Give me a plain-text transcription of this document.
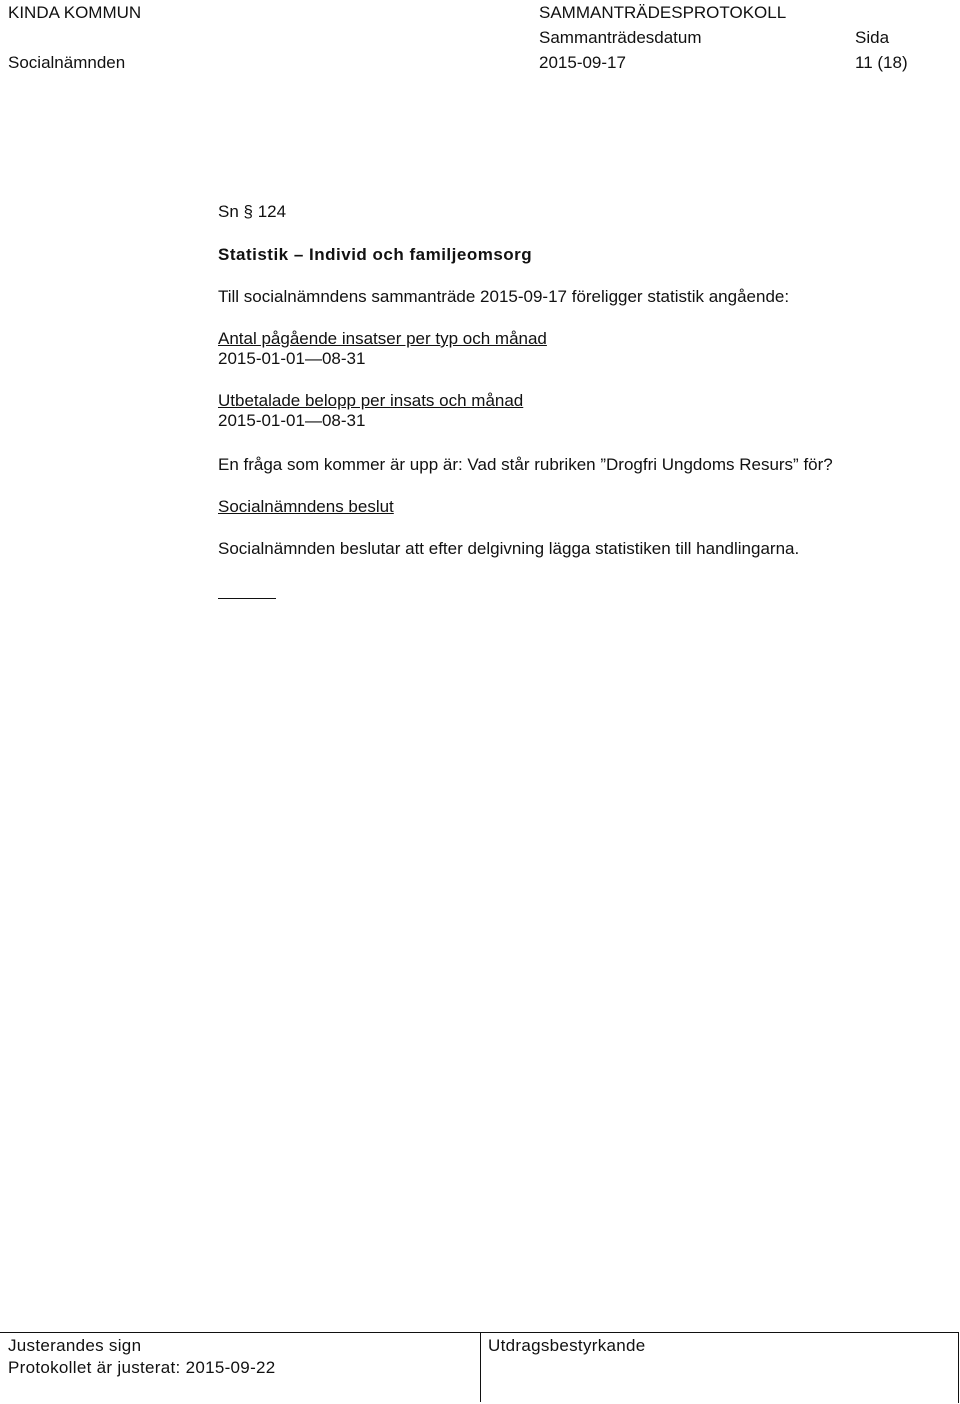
KINDA KOMMUN	SAMMANTRÄDESPROTOKOLL
Sammanträdesdatum	Sida
Socialnämnden	2015-09-17	11 (18)
Sn § 124
Statistik – Individ och familjeomsorg
Till socialnämndens sammanträde 2015-09-17 föreligger statistik angående:
Antal pågående insatser per typ och månad
2015-01-01—08-31
Utbetalade belopp per insats och månad
2015-01-01—08-31
En fråga som kommer är upp är: Vad står rubriken ”Drogfri Ungdoms Resurs” för?
Socialnämndens beslut
Socialnämnden beslutar att efter delgivning lägga statistiken till handlingarna.
Justerandes sign
Protokollet är justerat: 2015-09-22
Utdragsbestyrkande
